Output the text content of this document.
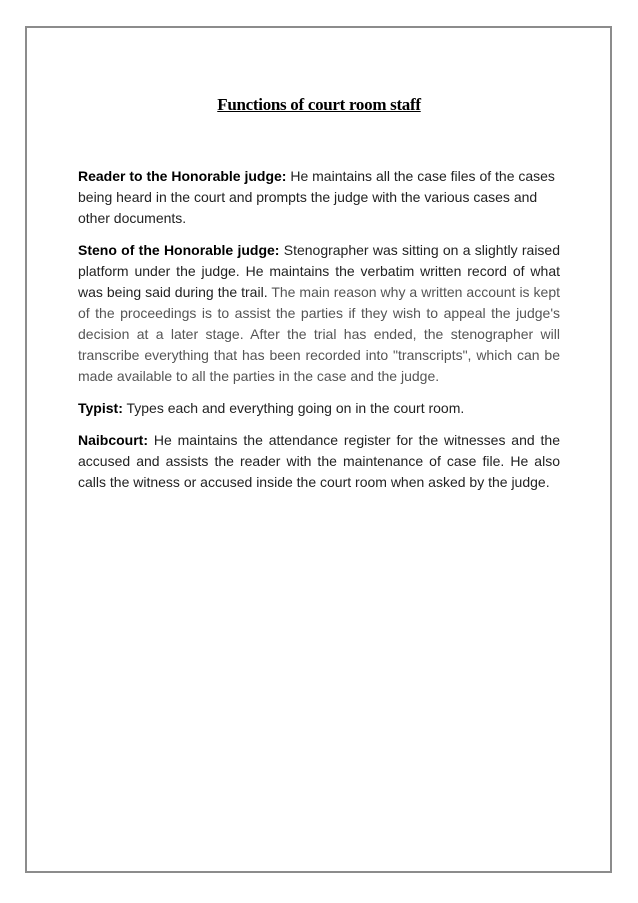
Functions of court room staff

Reader to the Honorable judge: He maintains all the case files of the cases being heard in the court and prompts the judge with the various cases and other documents.

Steno of the Honorable judge: Stenographer was sitting on a slightly raised platform under the judge. He maintains the verbatim written record of what was being said during the trail. The main reason why a written account is kept of the proceedings is to assist the parties if they wish to appeal the judge's decision at a later stage. After the trial has ended, the stenographer will transcribe everything that has been recorded into "transcripts", which can be made available to all the parties in the case and the judge.

Typist: Types each and everything going on in the court room.

Naibcourt: He maintains the attendance register for the witnesses and the accused and assists the reader with the maintenance of case file. He also calls the witness or accused inside the court room when asked by the judge.
